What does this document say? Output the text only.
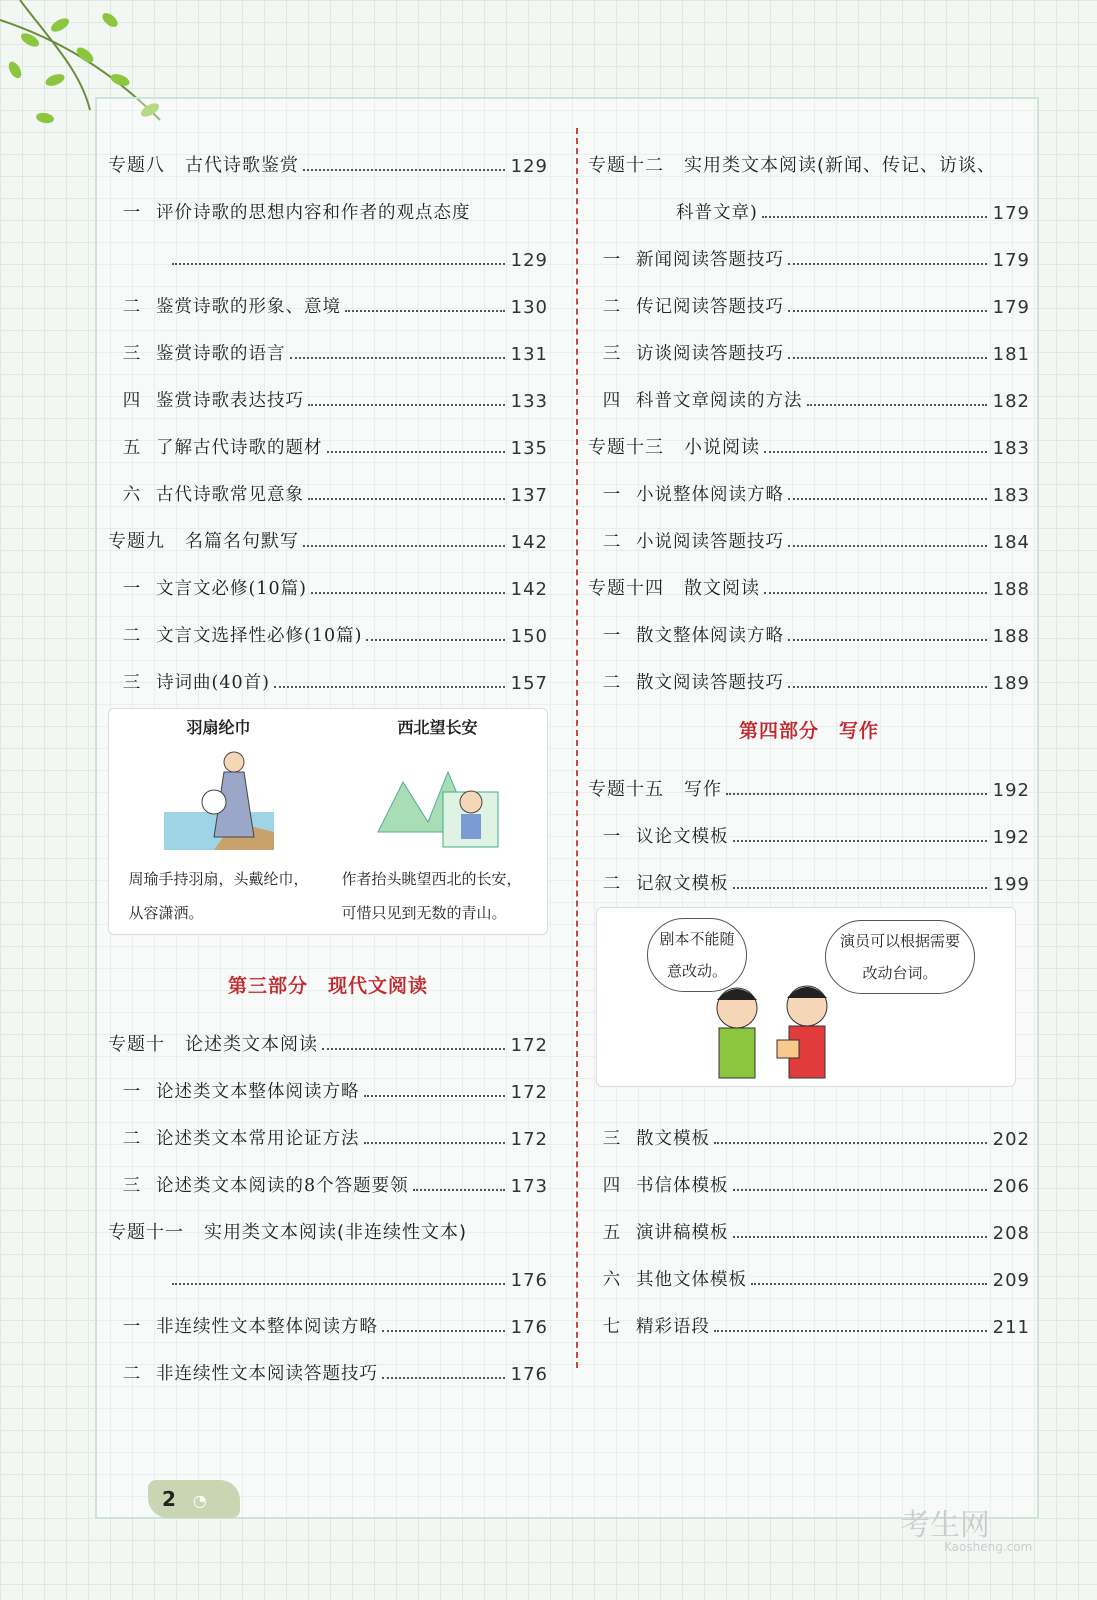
专题八 古代诗歌鉴赏	129
一 评价诗歌的思想内容和作者的观点态度
129
二 鉴赏诗歌的形象、意境	130
三 鉴赏诗歌的语言	131
四 鉴赏诗歌表达技巧	133
五 了解古代诗歌的题材	135
六 古代诗歌常见意象	137
专题九 名篇名句默写	142
一 文言文必修(10篇)	142
二 文言文选择性必修(10篇)	150
三 诗词曲(40首)	157
羽扇纶巾	西北望长安
周瑜手持羽扇，头戴纶巾，从容潇洒。
作者抬头眺望西北的长安，可惜只见到无数的青山。
第三部分　现代文阅读
专题十 论述类文本阅读	172
一 论述类文本整体阅读方略	172
二 论述类文本常用论证方法	172
三 论述类文本阅读的8个答题要领	173
专题十一 实用类文本阅读(非连续性文本)
176
一 非连续性文本整体阅读方略	176
二 非连续性文本阅读答题技巧	176
专题十二 实用类文本阅读(新闻、传记、访谈、
科普文章)	179
一 新闻阅读答题技巧	179
二 传记阅读答题技巧	179
三 访谈阅读答题技巧	181
四 科普文章阅读的方法	182
专题十三 小说阅读	183
一 小说整体阅读方略	183
二 小说阅读答题技巧	184
专题十四 散文阅读	188
一 散文整体阅读方略	188
二 散文阅读答题技巧	189
第四部分　写作
专题十五 写作	192
一 议论文模板	192
二 记叙文模板	199
剧本不能随意改动。
演员可以根据需要改动台词。
三 散文模板	202
四 书信体模板	206
五 演讲稿模板	208
六 其他文体模板	209
七 精彩语段	211
2 ◔
考生网
Kaosheng.com
